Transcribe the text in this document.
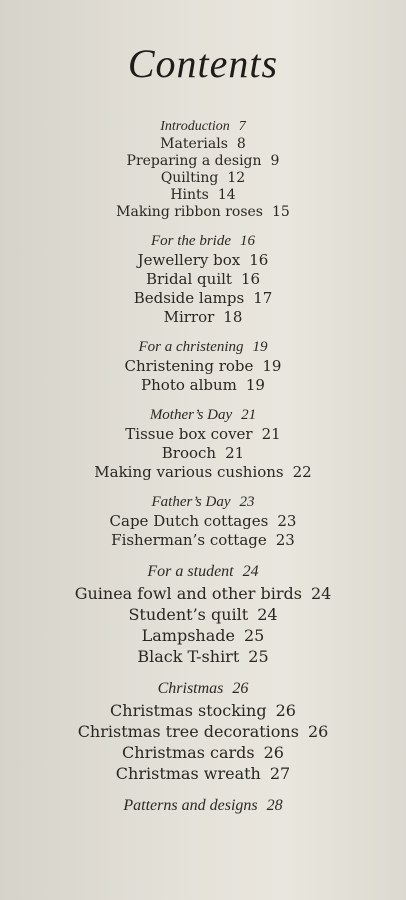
Contents
Introduction 7
Materials 8
Preparing a design 9
Quilting 12
Hints 14
Making ribbon roses 15
For the bride 16
Jewellery box 16
Bridal quilt 16
Bedside lamps 17
Mirror 18
For a christening 19
Christening robe 19
Photo album 19
Mother’s Day 21
Tissue box cover 21
Brooch 21
Making various cushions 22
Father’s Day 23
Cape Dutch cottages 23
Fisherman’s cottage 23
For a student 24
Guinea fowl and other birds 24
Student’s quilt 24
Lampshade 25
Black T-shirt 25
Christmas 26
Christmas stocking 26
Christmas tree decorations 26
Christmas cards 26
Christmas wreath 27
Patterns and designs 28
